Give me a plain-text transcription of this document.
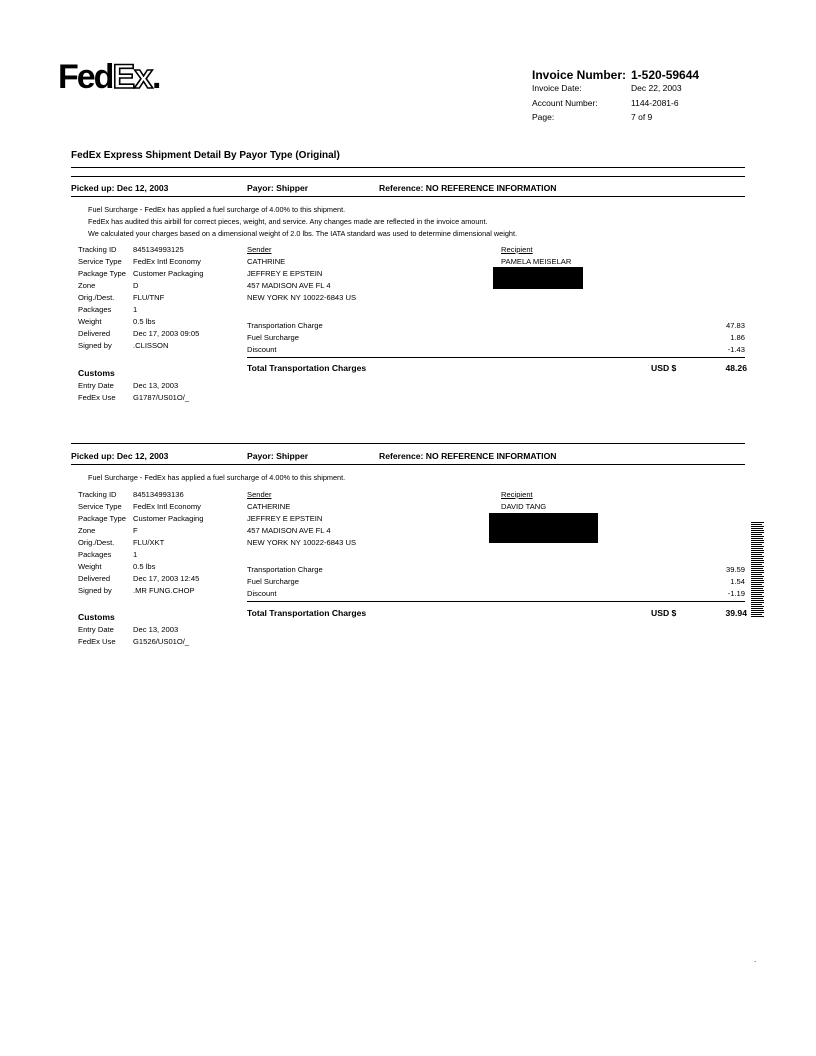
FedEx.	Invoice Number: 1-520-59644
Invoice Date:	Dec 22, 2003
Account Number:	1144-2081-6
Page:	7 of 9
FedEx Express Shipment Detail By Payor Type (Original)
Picked up: Dec 12, 2003	Payor: Shipper	Reference: NO REFERENCE INFORMATION
Fuel Surcharge - FedEx has applied a fuel surcharge of 4.00% to this shipment.
FedEx has audited this airbill for correct pieces, weight, and service. Any changes made are reflected in the invoice amount.
We calculated your charges based on a dimensional weight of 2.0 lbs. The IATA standard was used to determine dimensional weight.
Tracking ID 845134993125
Service Type FedEx Intl Economy
Package Type Customer Packaging
Zone	D
Orig./Dest. FLU/TNF
Packages	1
Weight	0.5 lbs
Delivered	Dec 17, 2003 09:05
Signed by	.CLISSON
Sender
CATHRINE
JEFFREY E EPSTEIN
457 MADISON AVE FL 4
NEW YORK NY 10022-6843 US
Recipient
PAMELA MEISELAR
Transportation Charge	47.83
Fuel Surcharge	1.86
Discount	-1.43
Total Transportation Charges	USD $	48.26
Customs
Entry Date	Dec 13, 2003
FedEx Use G1787/US01O/_
Picked up: Dec 12, 2003	Payor: Shipper	Reference: NO REFERENCE INFORMATION
Fuel Surcharge - FedEx has applied a fuel surcharge of 4.00% to this shipment.
Tracking ID 845134993136
Service Type FedEx Intl Economy
Package Type Customer Packaging
Zone	F
Orig./Dest. FLU/XKT
Packages	1
Weight	0.5 lbs
Delivered	Dec 17, 2003 12:45
Signed by	.MR FUNG.CHOP
Sender
CATHERINE
JEFFREY E EPSTEIN
457 MADISON AVE FL 4
NEW YORK NY 10022-6843 US
Recipient
DAVID TANG
Transportation Charge	39.59
Fuel Surcharge	1.54
Discount	-1.19
Total Transportation Charges	USD $	39.94
Customs
Entry Date	Dec 13, 2003
FedEx Use G1526/US01O/_
.
